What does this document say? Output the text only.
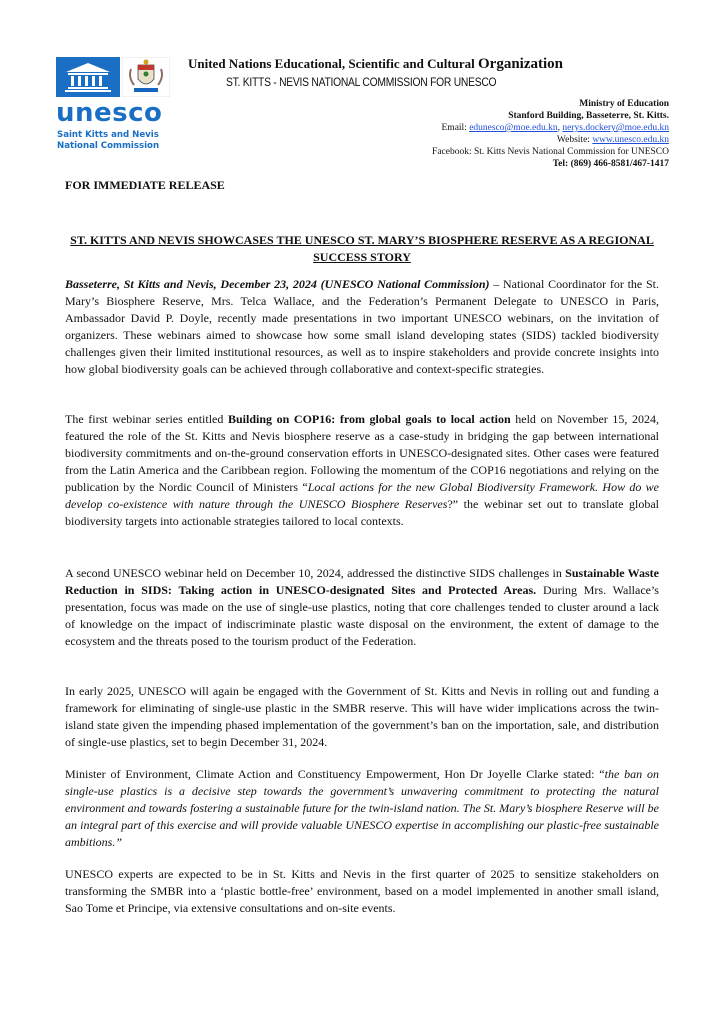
unesco
Saint Kitts and Nevis
National Commission
United Nations Educational, Scientific and Cultural Organization
ST. KITTS - NEVIS NATIONAL COMMISSION FOR UNESCO
Ministry of Education
Stanford Building, Basseterre, St. Kitts.
Email: edunesco@moe.edu.kn, nerys.dockery@moe.edu.kn
Website: www.unesco.edu.kn
Facebook: St. Kitts Nevis National Commission for UNESCO
Tel: (869) 466-8581/467-1417
FOR IMMEDIATE RELEASE
ST. KITTS AND NEVIS SHOWCASES THE UNESCO ST. MARY’S BIOSPHERE RESERVE AS A REGIONAL SUCCESS STORY

Basseterre, St Kitts and Nevis, December 23, 2024 (UNESCO National Commission) – National Coordinator for the St. Mary’s Biosphere Reserve, Mrs. Telca Wallace, and the Federation’s Permanent Delegate to UNESCO in Paris, Ambassador David P. Doyle, recently made presentations in two important UNESCO webinars, on the invitation of organizers. These webinars aimed to showcase how some small island developing states (SIDS) tackled biodiversity challenges given their limited institutional resources, as well as to inspire stakeholders and provide concrete insights into how global biodiversity goals can be achieved through collaborative and context-specific strategies.

The first webinar series entitled Building on COP16: from global goals to local action held on November 15, 2024, featured the role of the St. Kitts and Nevis biosphere reserve as a case-study in bridging the gap between international biodiversity commitments and on-the-ground conservation efforts in UNESCO-designated sites. Other cases were featured from the Latin America and the Caribbean region. Following the momentum of the COP16 negotiations and relying on the publication by the Nordic Council of Ministers “Local actions for the new Global Biodiversity Framework. How do we develop co-existence with nature through the UNESCO Biosphere Reserves?” the webinar set out to translate global biodiversity targets into actionable strategies tailored to local contexts.

A second UNESCO webinar held on December 10, 2024, addressed the distinctive SIDS challenges in Sustainable Waste Reduction in SIDS: Taking action in UNESCO-designated Sites and Protected Areas. During Mrs. Wallace’s presentation, focus was made on the use of single-use plastics, noting that core challenges tended to cluster around a lack of knowledge on the impact of indiscriminate plastic waste disposal on the environment, the extent of damage to the ecosystem and the threats posed to the tourism product of the Federation.

In early 2025, UNESCO will again be engaged with the Government of St. Kitts and Nevis in rolling out and funding a framework for eliminating of single-use plastic in the SMBR reserve. This will have wider implications across the twin-island state given the impending phased implementation of the government’s ban on the importation, sale, and distribution of single-use plastics, set to begin December 31, 2024.

Minister of Environment, Climate Action and Constituency Empowerment, Hon Dr Joyelle Clarke stated: “the ban on single-use plastics is a decisive step towards the government’s unwavering commitment to protecting the natural environment and towards fostering a sustainable future for the twin-island nation. The St. Mary’s biosphere Reserve will be an integral part of this exercise and will provide valuable UNESCO expertise in accomplishing our plastic-free sustainable ambitions.”

UNESCO experts are expected to be in St. Kitts and Nevis in the first quarter of 2025 to sensitize stakeholders on transforming the SMBR into a ‘plastic bottle-free’ environment, based on a model implemented in another small island, Sao Tome et Principe, via extensive consultations and on-site events.
